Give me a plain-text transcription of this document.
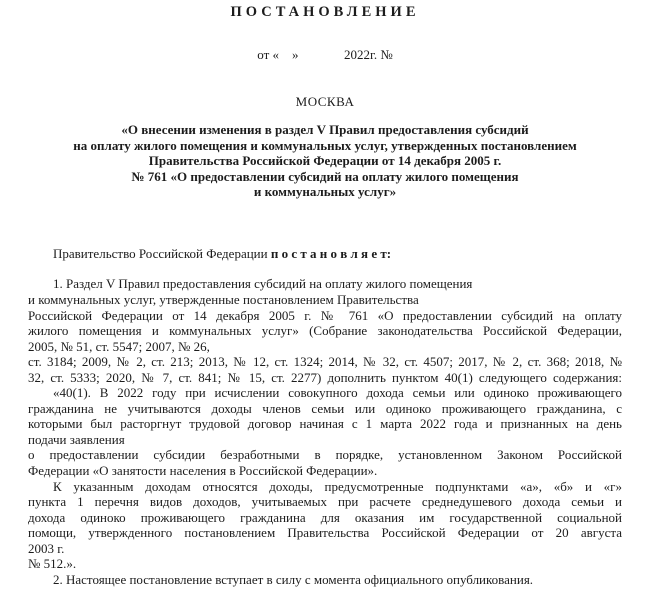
ПОСТАНОВЛЕНИЕ
от «    »              2022г. №
МОСКВА
«О внесении изменения в раздел V Правил предоставления субсидий
на оплату жилого помещения и коммунальных услуг, утвержденных постановлением
Правительства Российской Федерации от 14 декабря 2005 г.
№ 761 «О предоставлении субсидий на оплату жилого помещения
и коммунальных услуг»

Правительство Российской Федерации п о с т а н о в л я е т:

1. Раздел V Правил предоставления субсидий на оплату жилого помещения
и коммунальных услуг, утвержденные постановлением Правительства
Российской Федерации от 14 декабря 2005 г. № 761 «О предоставлении субсидий на оплату
жилого помещения и коммунальных услуг» (Собрание законодательства Российской Федерации,
2005, № 51, ст. 5547; 2007, № 26,
ст. 3184; 2009, № 2, ст. 213; 2013, № 12, ст. 1324; 2014, № 32, ст. 4507; 2017, № 2, ст. 368; 2018, №
32, ст. 5333; 2020, № 7, ст. 841; № 15, ст. 2277) дополнить пунктом 40(1) следующего содержания:
«40(1). В 2022 году при исчислении совокупного дохода семьи или одиноко проживающего
гражданина не учитываются доходы членов семьи или одиноко проживающего гражданина, с
которыми был расторгнут трудовой договор начиная с 1 марта 2022 года и признанных на день
подачи заявления
о предоставлении субсидии безработными в порядке, установленном Законом Российской
Федерации «О занятости населения в Российской Федерации».
К указанным доходам относятся доходы, предусмотренные подпунктами «а», «б» и «г»
пункта 1 перечня видов доходов, учитываемых при расчете среднедушевого дохода семьи и
дохода одиноко проживающего гражданина для оказания им государственной социальной
помощи, утвержденного постановлением Правительства Российской Федерации от 20 августа
2003 г.
№ 512.».
2. Настоящее постановление вступает в силу с момента официального опубликования.
